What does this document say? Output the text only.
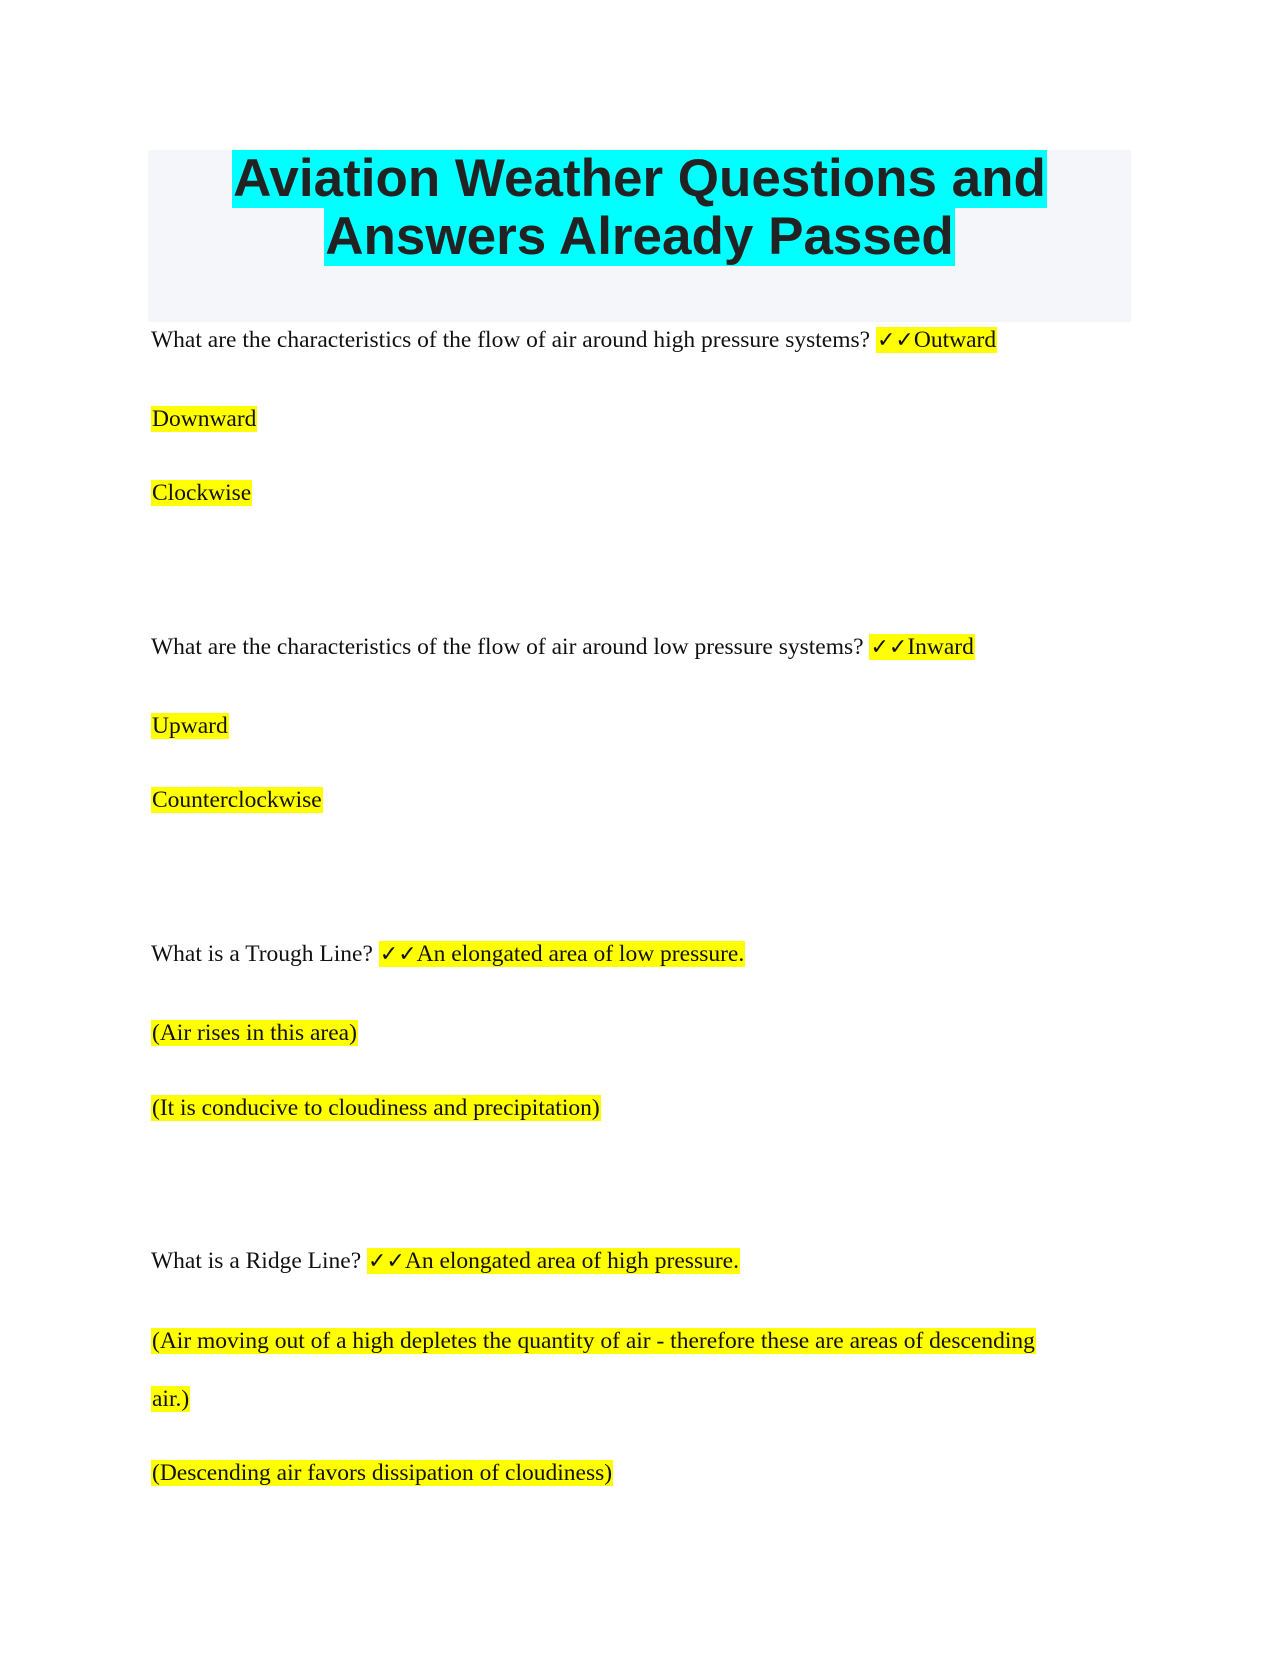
Aviation Weather Questions and
Answers Already Passed
What are the characteristics of the flow of air around high pressure systems? ✓✓Outward
Downward
Clockwise
What are the characteristics of the flow of air around low pressure systems? ✓✓Inward
Upward
Counterclockwise
What is a Trough Line? ✓✓An elongated area of low pressure.
(Air rises in this area)
(It is conducive to cloudiness and precipitation)
What is a Ridge Line? ✓✓An elongated area of high pressure.
(Air moving out of a high depletes the quantity of air - therefore these are areas of descending
air.)
(Descending air favors dissipation of cloudiness)
